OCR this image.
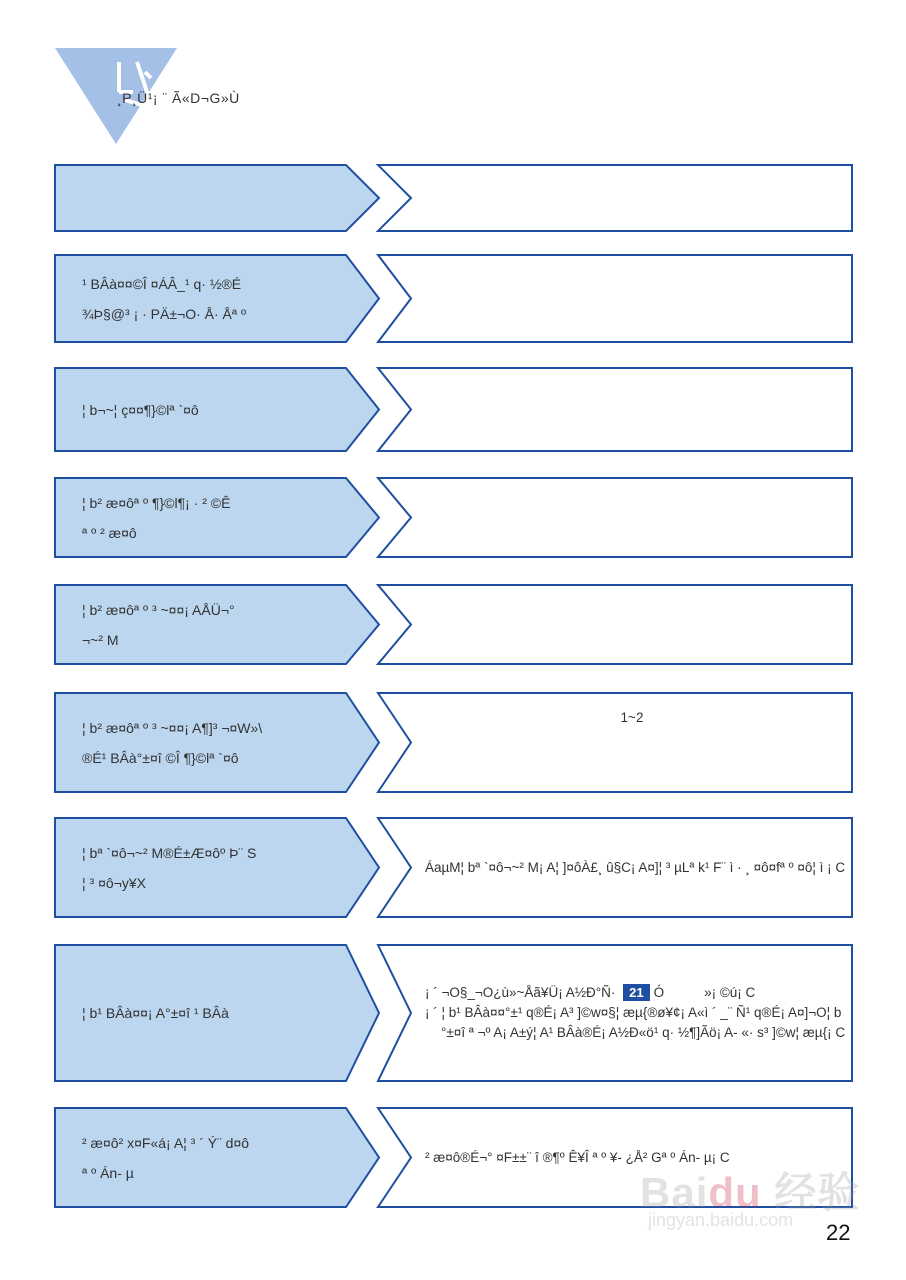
¸P¸Ü¹¡ ¨ Ã«D¬G»Ù
¹ BÂà¤¤©Î ¤ÁÂ_¹ q· ½®É
¾Þ§@³ ¡ · PÄ±¬O· Å· Åª º
¦ b¬~¦ ç¤¤¶}©lª `¤ô
¦ b² æ¤ôª º ¶}©l¶¡ · ² ©Ê
ª º ² æ¤ô
¦ b² æ¤ôª º ³ ~¤¤¡ AÅÜ¬°
¬~² M
¦ b² æ¤ôª º ³ ~¤¤¡ A¶]³ ¬¤W»\
®É¹ BÂà°±¤î ©Î ¶}©lª `¤ô
1~2
¦ bª `¤ô¬~² M®É±Æ¤ôº Þ¨ S
¦ ³ ¤ô¬y¥X
ÁaµM¦ bª `¤ô¬~² M¡ A¦ ]¤ôÀ£¸ û§C¡ A¤]¦ ³ µLª k¹ F¨ ì · ¸ ¤ô¤fª º ¤ô¦ ì ¡ C
¦ b¹ BÂà¤¤¡ A°±¤î ¹ BÂà
¡ ´ ¬O§_¬O¿ù»~Åã¥Ü¡ A½Ð°Ñ· 21 Ó	»¡ ©ú¡ C
¡ ´ ¦ b¹ BÂà¤¤°±¹ q®É¡ A³ ]©w¤§¦ æµ{®ø¥¢¡ A«ì ´ _¨ Ñ¹ q®É¡ A¤]¬O¦ b
°±¤î ª ¬º A¡ A±ý¦ A¹ BÂà®É¡ A½Ð«ö¹ q· ½¶]Ãö¡ A- «· s³ ]©w¦ æµ{¡ C
² æ¤ô² x¤F«á¡ A¦ ³ ´ Ý¨ d¤ô
ª º Án- µ
² æ¤ô®É¬° ¤F±±¨ î ®¶º Ê¥Î ª º ¥- ¿Å² Gª º Án- µ¡ C
Baidu 经验
jingyan.baidu.com 22
